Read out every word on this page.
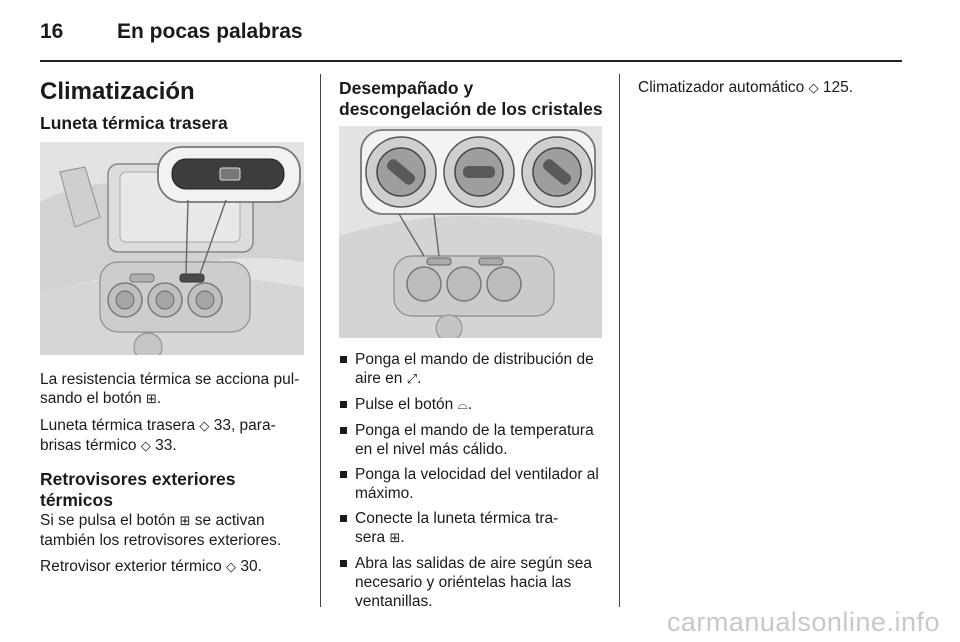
16	En pocas palabras
Climatización
Luneta térmica trasera

La resistencia térmica se acciona pul-
sando el botón ⊞.

Luneta térmica trasera ◇ 33, para-
brisas térmico ◇ 33.

Retrovisores exteriores
térmicos

Si se pulsa el botón ⊞ se activan
también los retrovisores exteriores.

Retrovisor exterior térmico ◇ 30.

Desempañado y
descongelación de los cristales
Ponga el mando de distribución de
aire en ⤢.
Pulse el botón ⌓.
Ponga el mando de la temperatura
en el nivel más cálido.
Ponga la velocidad del ventilador al
máximo.
Conecte la luneta térmica tra-
sera ⊞.
Abra las salidas de aire según sea
necesario y oriéntelas hacia las
ventanillas.

Climatizador automático ◇ 125.

carmanualsonline.info
